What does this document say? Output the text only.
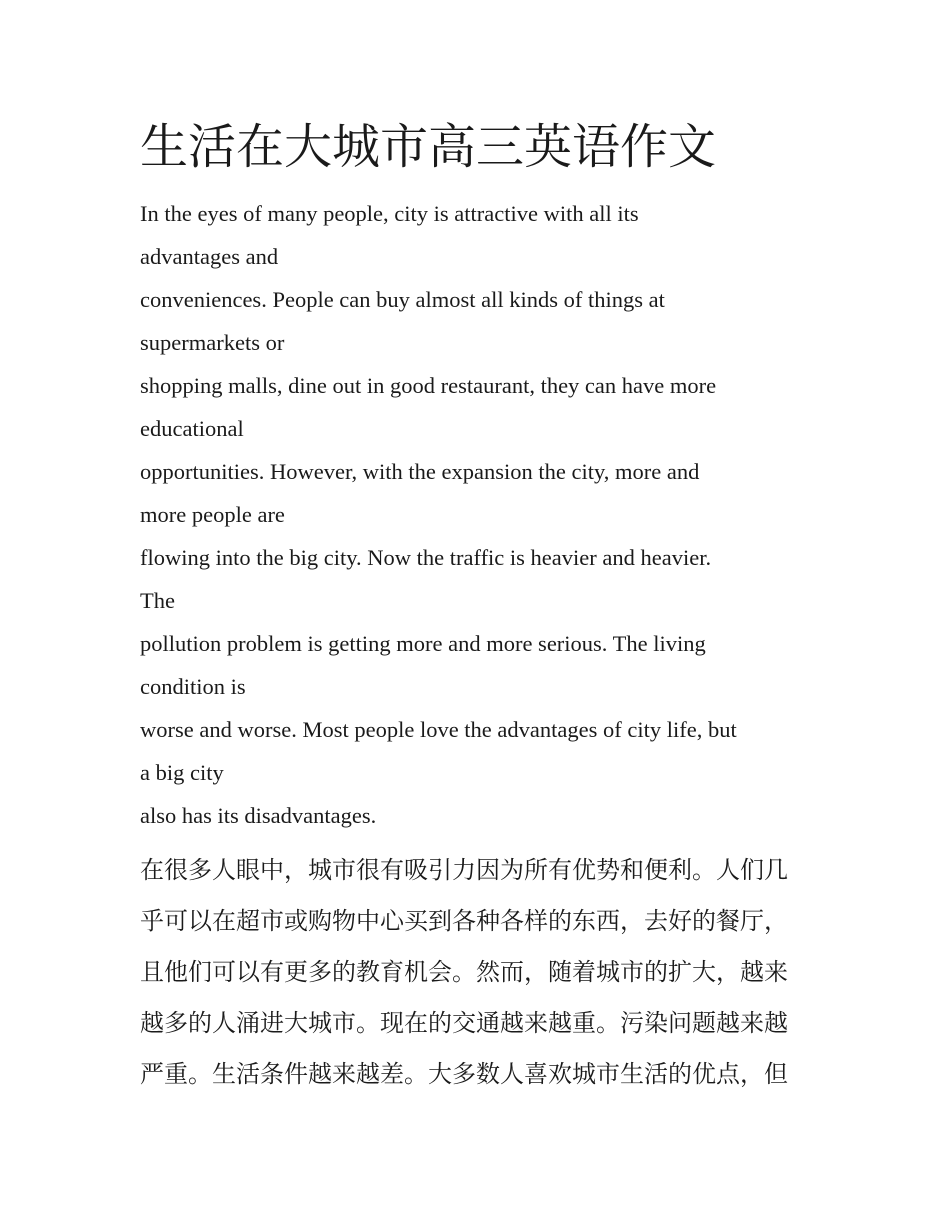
生活在大城市高三英语作文

In the eyes of many people, city is attractive with all its
advantages and
conveniences. People can buy almost all kinds of things at
supermarkets or
shopping malls, dine out in good restaurant, they can have more
educational
opportunities. However, with the expansion the city, more and
more people are
flowing into the big city. Now the traffic is heavier and heavier.
The
pollution problem is getting more and more serious. The living
condition is
worse and worse. Most people love the advantages of city life, but
a big city
also has its disadvantages.

在很多人眼中，城市很有吸引力因为所有优势和便利。人们几
乎可以在超市或购物中心买到各种各样的东西，去好的餐厅，
且他们可以有更多的教育机会。然而，随着城市的扩大，越来
越多的人涌进大城市。现在的交通越来越重。污染问题越来越
严重。生活条件越来越差。大多数人喜欢城市生活的优点，但
